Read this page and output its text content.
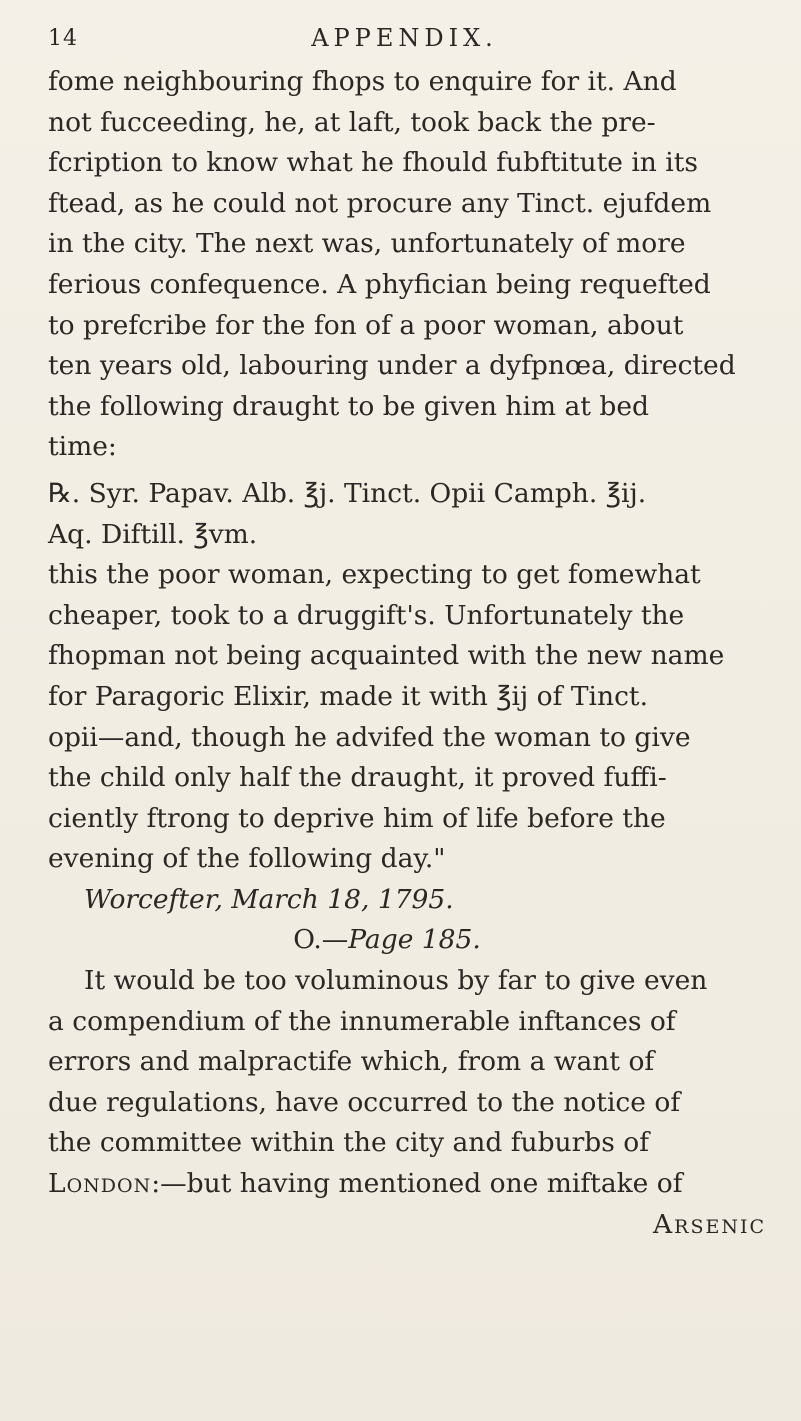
14	APPENDIX.
fome neighbouring fhops to enquire for it. And
not fucceeding, he, at laft, took back the pre-
fcription to know what he fhould fubftitute in its
ftead, as he could not procure any Tinct. ejufdem
in the city. The next was, unfortunately of more
ferious confequence. A phyfician being requefted
to prefcribe for the fon of a poor woman, about
ten years old, labouring under a dyfpnœa, directed
the following draught to be given him at bed
time:
℞. Syr. Papav. Alb. ℥j. Tinct. Opii Camph. ℥ij.
Aq. Diftill. ℥vm.
this the poor woman, expecting to get fomewhat
cheaper, took to a druggift's. Unfortunately the
fhopman not being acquainted with the new name
for Paragoric Elixir, made it with ℥ij of Tinct.
opii—and, though he advifed the woman to give
the child only half the draught, it proved fuffi-
ciently ftrong to deprive him of life before the
evening of the following day."
Worcefter, March 18, 1795.
O.—Page 185.
It would be too voluminous by far to give even
a compendium of the innumerable inftances of
errors and malpractife which, from a want of
due regulations, have occurred to the notice of
the committee within the city and fuburbs of
London:—but having mentioned one miftake of
Arsenic
